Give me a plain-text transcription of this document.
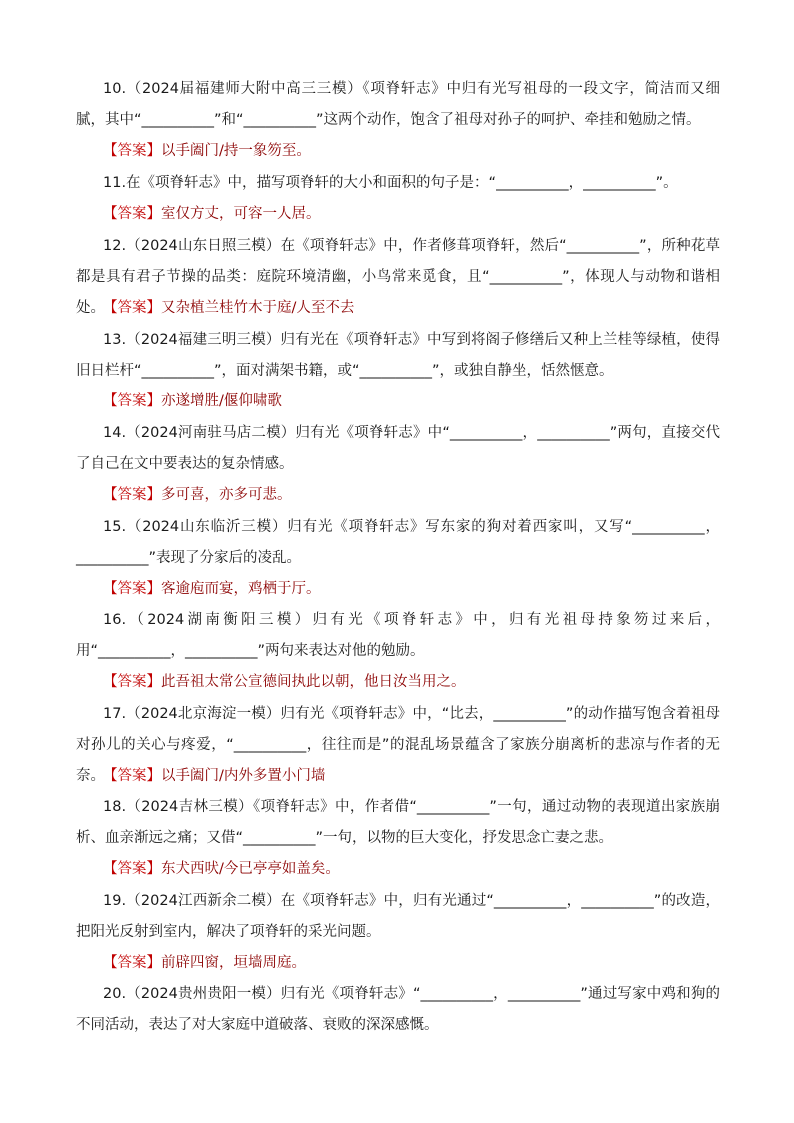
10.（2024届福建师大附中高三三模）《项脊轩志》中归有光写祖母的一段文字，简洁而又细腻，其中“__________”和“__________”这两个动作，饱含了祖母对孙子的呵护、牵挂和勉励之情。

【答案】以手阖门/持一象笏至。

11.在《项脊轩志》中，描写项脊轩的大小和面积的句子是：“__________，__________”。

【答案】室仅方丈，可容一人居。

12.（2024山东日照三模）在《项脊轩志》中，作者修葺项脊轩，然后“__________”，所种花草都是具有君子节操的品类：庭院环境清幽，小鸟常来觅食，且“__________”，体现人与动物和谐相处。

【答案】又杂植兰桂竹木于庭/人至不去

13.（2024福建三明三模）归有光在《项脊轩志》中写到将阁子修缮后又种上兰桂等绿植，使得旧日栏杆“__________”，面对满架书籍，或“__________”，或独自静坐，恬然惬意。

【答案】亦遂增胜/偃仰啸歌

14.（2024河南驻马店二模）归有光《项脊轩志》中“__________，__________”两句，直接交代了自己在文中要表达的复杂情感。

【答案】多可喜，亦多可悲。

15.（2024山东临沂三模）归有光《项脊轩志》写东家的狗对着西家叫，又写“__________，__________”表现了分家后的凌乱。

【答案】客逾庖而宴，鸡栖于厅。

16.（2024湖南衡阳三模）归有光《项脊轩志》中，归有光祖母持象笏过来后，用“__________，__________”两句来表达对他的勉励。

【答案】此吾祖太常公宣德间执此以朝，他日汝当用之。

17.（2024北京海淀一模）归有光《项脊轩志》中，“比去，__________”的动作描写饱含着祖母对孙儿的关心与疼爱，“__________，往往而是”的混乱场景蕴含了家族分崩离析的悲凉与作者的无奈。

【答案】以手阖门/内外多置小门墙

18.（2024吉林三模）《项脊轩志》中，作者借“__________”一句，通过动物的表现道出家族崩析、血亲渐远之痛；又借“__________”一句，以物的巨大变化，抒发思念亡妻之悲。

【答案】东犬西吠/今已亭亭如盖矣。

19.（2024江西新余二模）在《项脊轩志》中，归有光通过“__________，__________”的改造，把阳光反射到室内，解决了项脊轩的采光问题。

【答案】前辟四窗，垣墙周庭。

20.（2024贵州贵阳一模）归有光《项脊轩志》“__________，__________”通过写家中鸡和狗的不同活动，表达了对大家庭中道破落、衰败的深深感慨。
